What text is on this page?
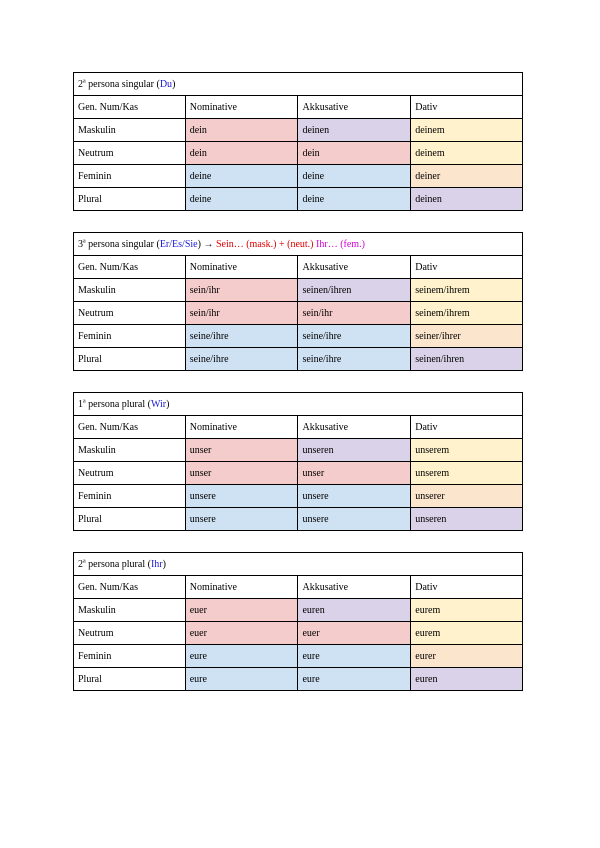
2$^a$ persona singular (Du)			
Gen. Num/Kas	Nominative	Akkusative	Dativ
Maskulin	dein	deinen	deinem
Neutrum	dein	dein	deinem
Feminin	deine	deine	deiner
Plural	deine	deine	deinen
3$^a$ persona singular (Er/Es/Sie) → Sein… (mask.) + (neut.) Ihr… (fem.)			
Gen. Num/Kas	Nominative	Akkusative	Dativ
Maskulin	sein/ihr	seinen/ihren	seinem/ihrem
Neutrum	sein/ihr	sein/ihr	seinem/ihrem
Feminin	seine/ihre	seine/ihre	seiner/ihrer
Plural	seine/ihre	seine/ihre	seinen/ihren
1$^a$ persona plural (Wir)			
Gen. Num/Kas	Nominative	Akkusative	Dativ
Maskulin	unser	unseren	unserem
Neutrum	unser	unser	unserem
Feminin	unsere	unsere	unserer
Plural	unsere	unsere	unseren
2$^a$ persona plural (Ihr)			
Gen. Num/Kas	Nominative	Akkusative	Dativ
Maskulin	euer	euren	eurem
Neutrum	euer	euer	eurem
Feminin	eure	eure	eurer
Plural	eure	eure	euren
